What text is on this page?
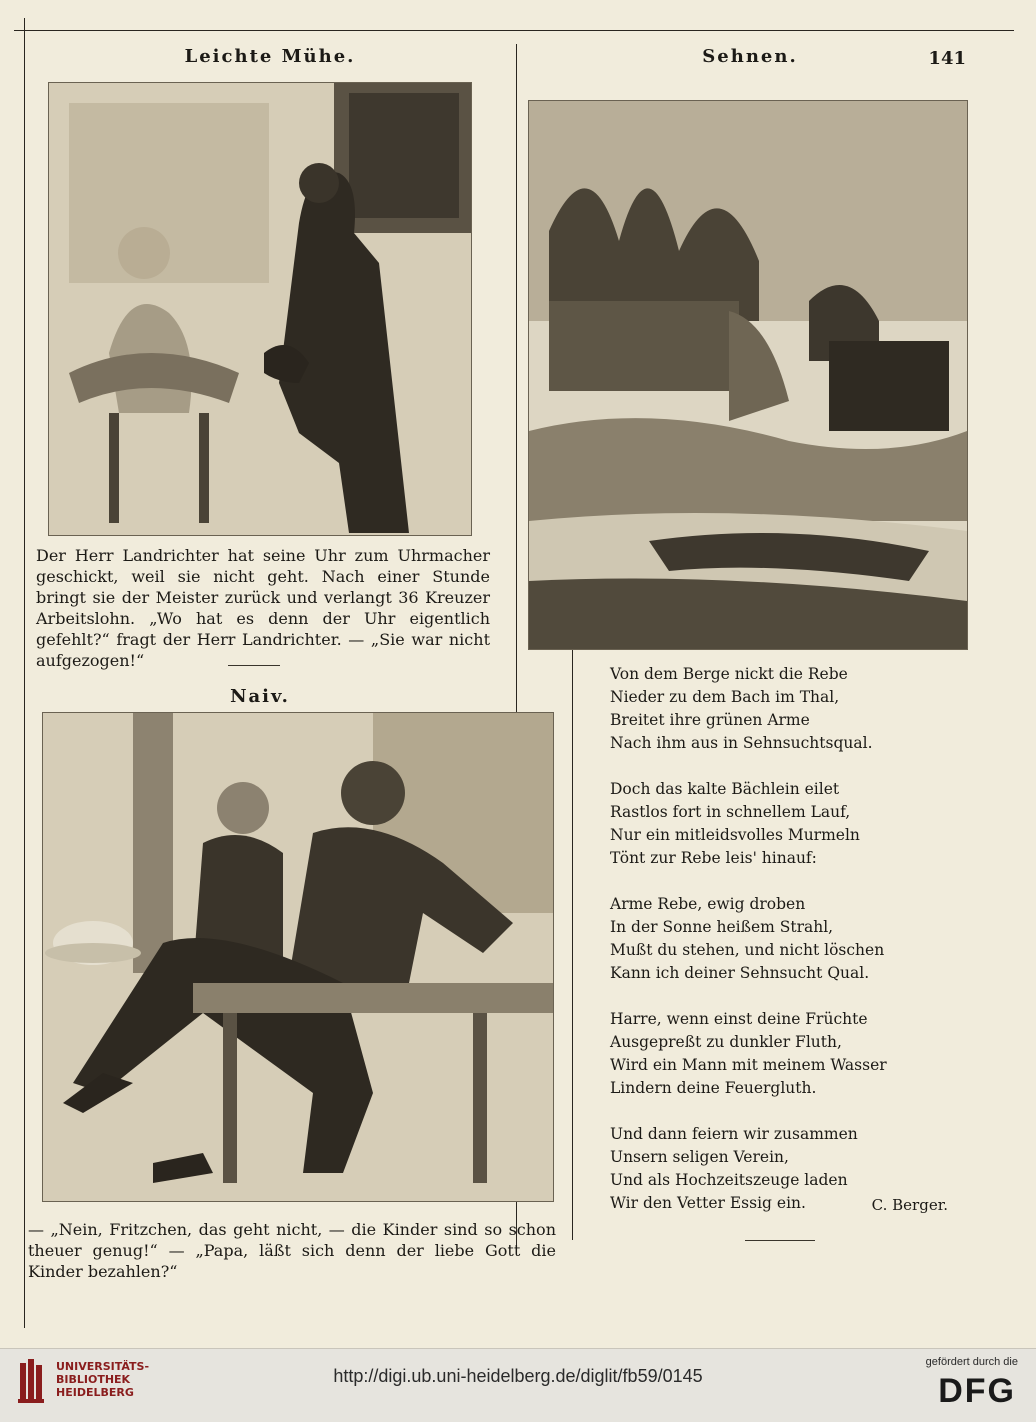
Leichte Mühe.
Der Herr Landrichter hat seine Uhr zum Uhrmacher geschickt, weil sie nicht geht. Nach einer Stunde bringt sie der Meister zurück und verlangt 36 Kreuzer Arbeitslohn. „Wo hat es denn der Uhr eigentlich gefehlt?“ fragt der Herr Landrichter. — „Sie war nicht aufgezogen!“
Naiv.
— „Nein, Fritzchen, das geht nicht, — die Kinder sind so schon theuer genug!“ — „Papa, läßt sich denn der liebe Gott die Kinder bezahlen?“
Sehnen.	141
Von dem Berge nickt die Rebe
Nieder zu dem Bach im Thal,
Breitet ihre grünen Arme
Nach ihm aus in Sehnsuchtsqual.
Doch das kalte Bächlein eilet
Rastlos fort in schnellem Lauf,
Nur ein mitleidsvolles Murmeln
Tönt zur Rebe leis' hinauf:
Arme Rebe, ewig droben
In der Sonne heißem Strahl,
Mußt du stehen, und nicht löschen
Kann ich deiner Sehnsucht Qual.
Harre, wenn einst deine Früchte
Ausgepreßt zu dunkler Fluth,
Wird ein Mann mit meinem Wasser
Lindern deine Feuergluth.
Und dann feiern wir zusammen
Unsern seligen Verein,
Und als Hochzeitszeuge laden
Wir den Vetter Essig ein.	C. Berger.
UNIVERSITÄTS-
BIBLIOTHEK
HEIDELBERG
http://digi.ub.uni-heidelberg.de/diglit/fb59/0145
gefördert durch die
DFG
